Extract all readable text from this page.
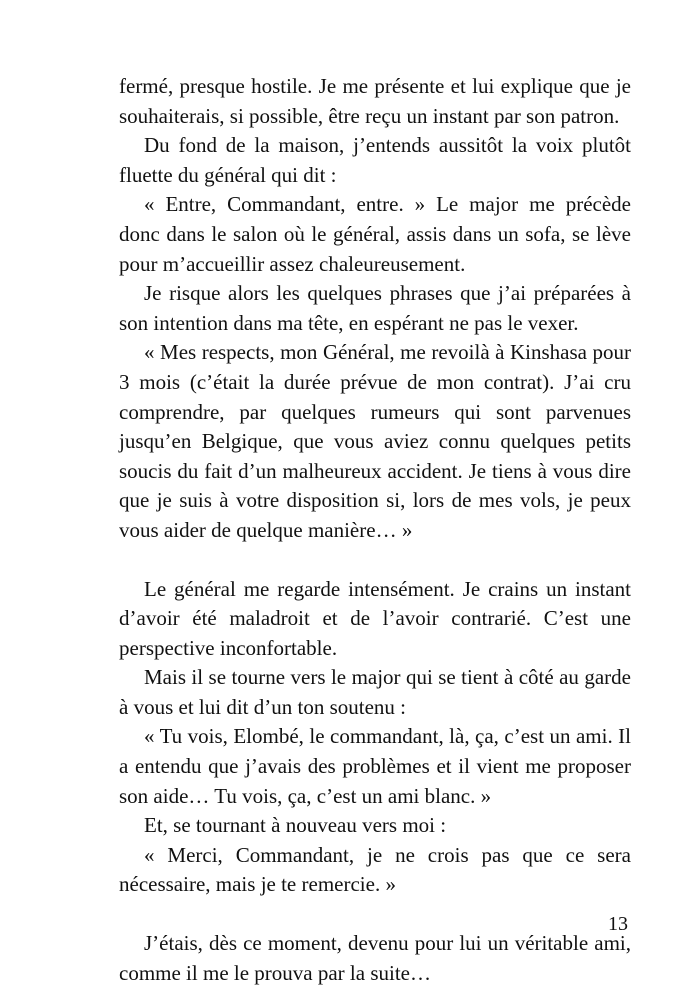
fermé, presque hostile. Je me présente et lui explique que je souhaiterais, si possible, être reçu un instant par son patron.

Du fond de la maison, j’entends aussitôt la voix plutôt fluette du général qui dit :

« Entre, Commandant, entre. » Le major me précède donc dans le salon où le général, assis dans un sofa, se lève pour m’accueillir assez chaleureusement.

Je risque alors les quelques phrases que j’ai préparées à son intention dans ma tête, en espérant ne pas le vexer.

« Mes respects, mon Général, me revoilà à Kinshasa pour 3 mois (c’était la durée prévue de mon contrat). J’ai cru comprendre, par quelques rumeurs qui sont parvenues jusqu’en Belgique, que vous aviez connu quelques petits soucis du fait d’un malheureux accident. Je tiens à vous dire que je suis à votre disposition si, lors de mes vols, je peux vous aider de quelque manière… »

Le général me regarde intensément. Je crains un instant d’avoir été maladroit et de l’avoir contrarié. C’est une perspective inconfortable.

Mais il se tourne vers le major qui se tient à côté au garde à vous et lui dit d’un ton soutenu :

« Tu vois, Elombé, le commandant, là, ça, c’est un ami. Il a entendu que j’avais des problèmes et il vient me proposer son aide… Tu vois, ça, c’est un ami blanc. »

Et, se tournant à nouveau vers moi :

« Merci, Commandant, je ne crois pas que ce sera nécessaire, mais je te remercie. »

J’étais, dès ce moment, devenu pour lui un véritable ami, comme il me le prouva par la suite…

13
